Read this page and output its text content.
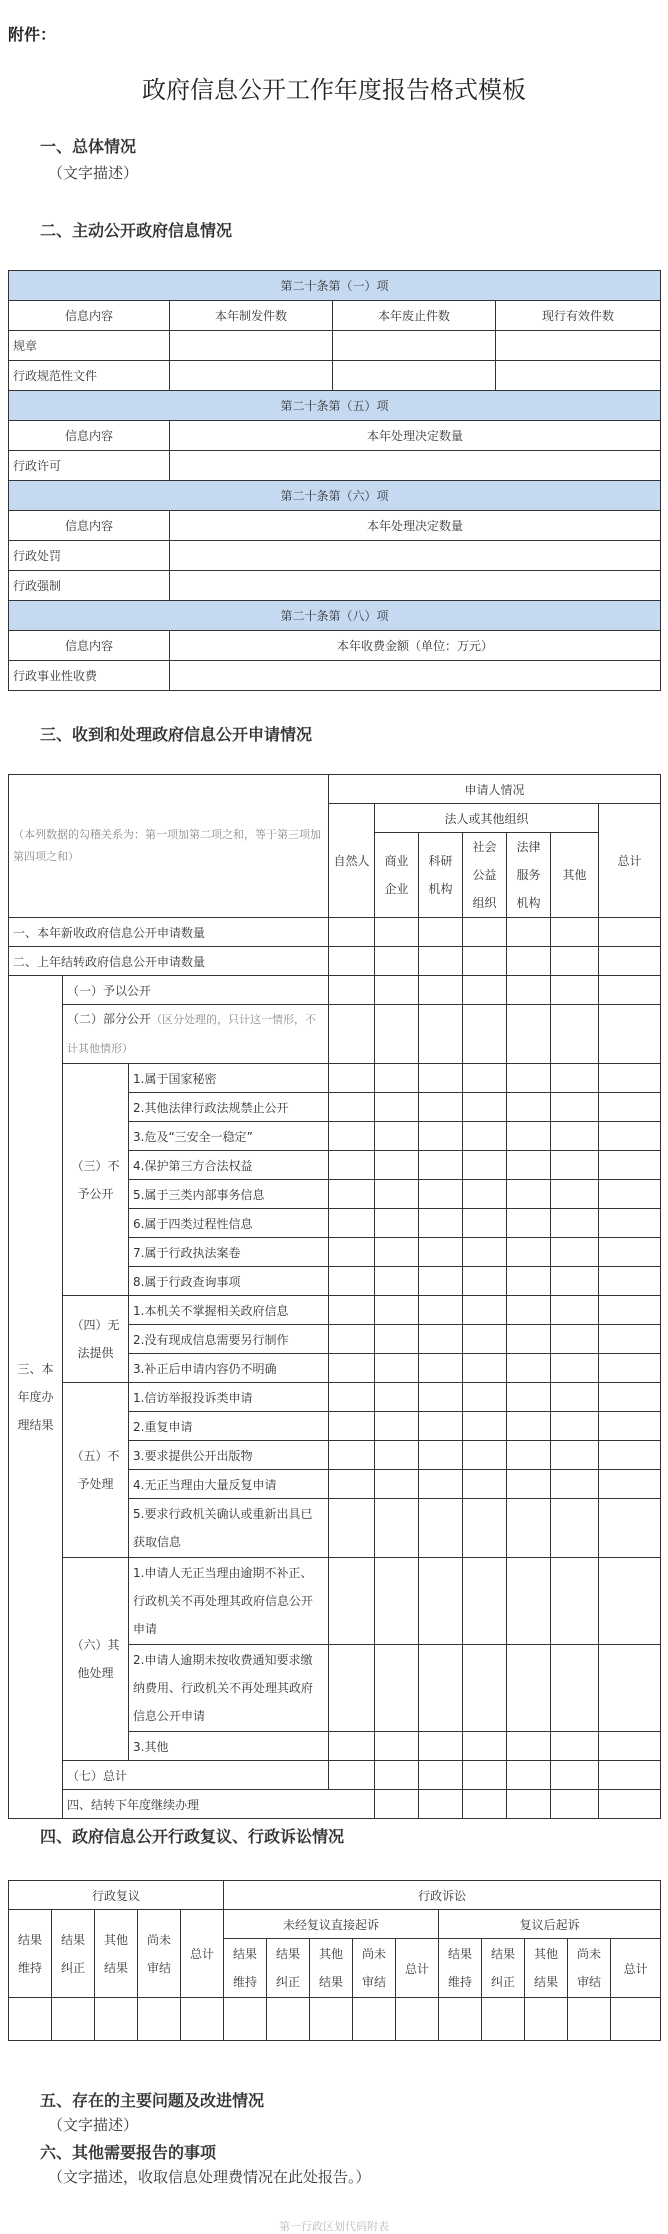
附件：
政府信息公开工作年度报告格式模板
一、总体情况
（文字描述）
二、主动公开政府信息情况
第二十条第（一）项			
信息内容	本年制发件数	本年废止件数	现行有效件数
规章			
行政规范性文件			
第二十条第（五）项			
信息内容	本年处理决定数量		
行政许可			
第二十条第（六）项			
信息内容	本年处理决定数量		
行政处罚			
行政强制			
第二十条第（八）项			
信息内容	本年收费金额（单位：万元）		
行政事业性收费			
三、收到和处理政府信息公开申请情况
（本列数据的勾稽关系为：第一项加第二项之和，等于第三项加第四项之和）			申请人情况							
			自然人	法人或其他组织					总计	
				商业企业	科研机构	社会公益组织	法律服务机构	其他		
一、本年新收政府信息公开申请数量										
二、上年结转政府信息公开申请数量										
三、本年度办理结果	（一）予以公开									
	（二）部分公开（区分处理的，只计这一情形，不计其他情形）									
	（三）不予公开	1.属于国家秘密								
		2.其他法律行政法规禁止公开								
		3.危及“三安全一稳定”								
		4.保护第三方合法权益								
		5.属于三类内部事务信息								
		6.属于四类过程性信息								
		7.属于行政执法案卷								
		8.属于行政查询事项								
	（四）无法提供	1.本机关不掌握相关政府信息								
		2.没有现成信息需要另行制作								
		3.补正后申请内容仍不明确								
	（五）不予处理	1.信访举报投诉类申请								
		2.重复申请								
		3.要求提供公开出版物								
		4.无正当理由大量反复申请								
		5.要求行政机关确认或重新出具已获取信息								
	（六）其他处理	1.申请人无正当理由逾期不补正、行政机关不再处理其政府信息公开申请								
		2.申请人逾期未按收费通知要求缴纳费用、行政机关不再处理其政府信息公开申请								
		3.其他								
	（七）总计									
	四、结转下年度继续办理									
四、政府信息公开行政复议、行政诉讼情况
行政复议					行政诉讼									
结果维持	结果纠正	其他结果	尚未审结	总计	未经复议直接起诉					复议后起诉				
					结果维持	结果纠正	其他结果	尚未审结	总计	结果维持	结果纠正	其他结果	尚未审结	总计

五、存在的主要问题及改进情况
（文字描述）
六、其他需要报告的事项
（文字描述，收取信息处理费情况在此处报告。）
第一行政区划代码附表
